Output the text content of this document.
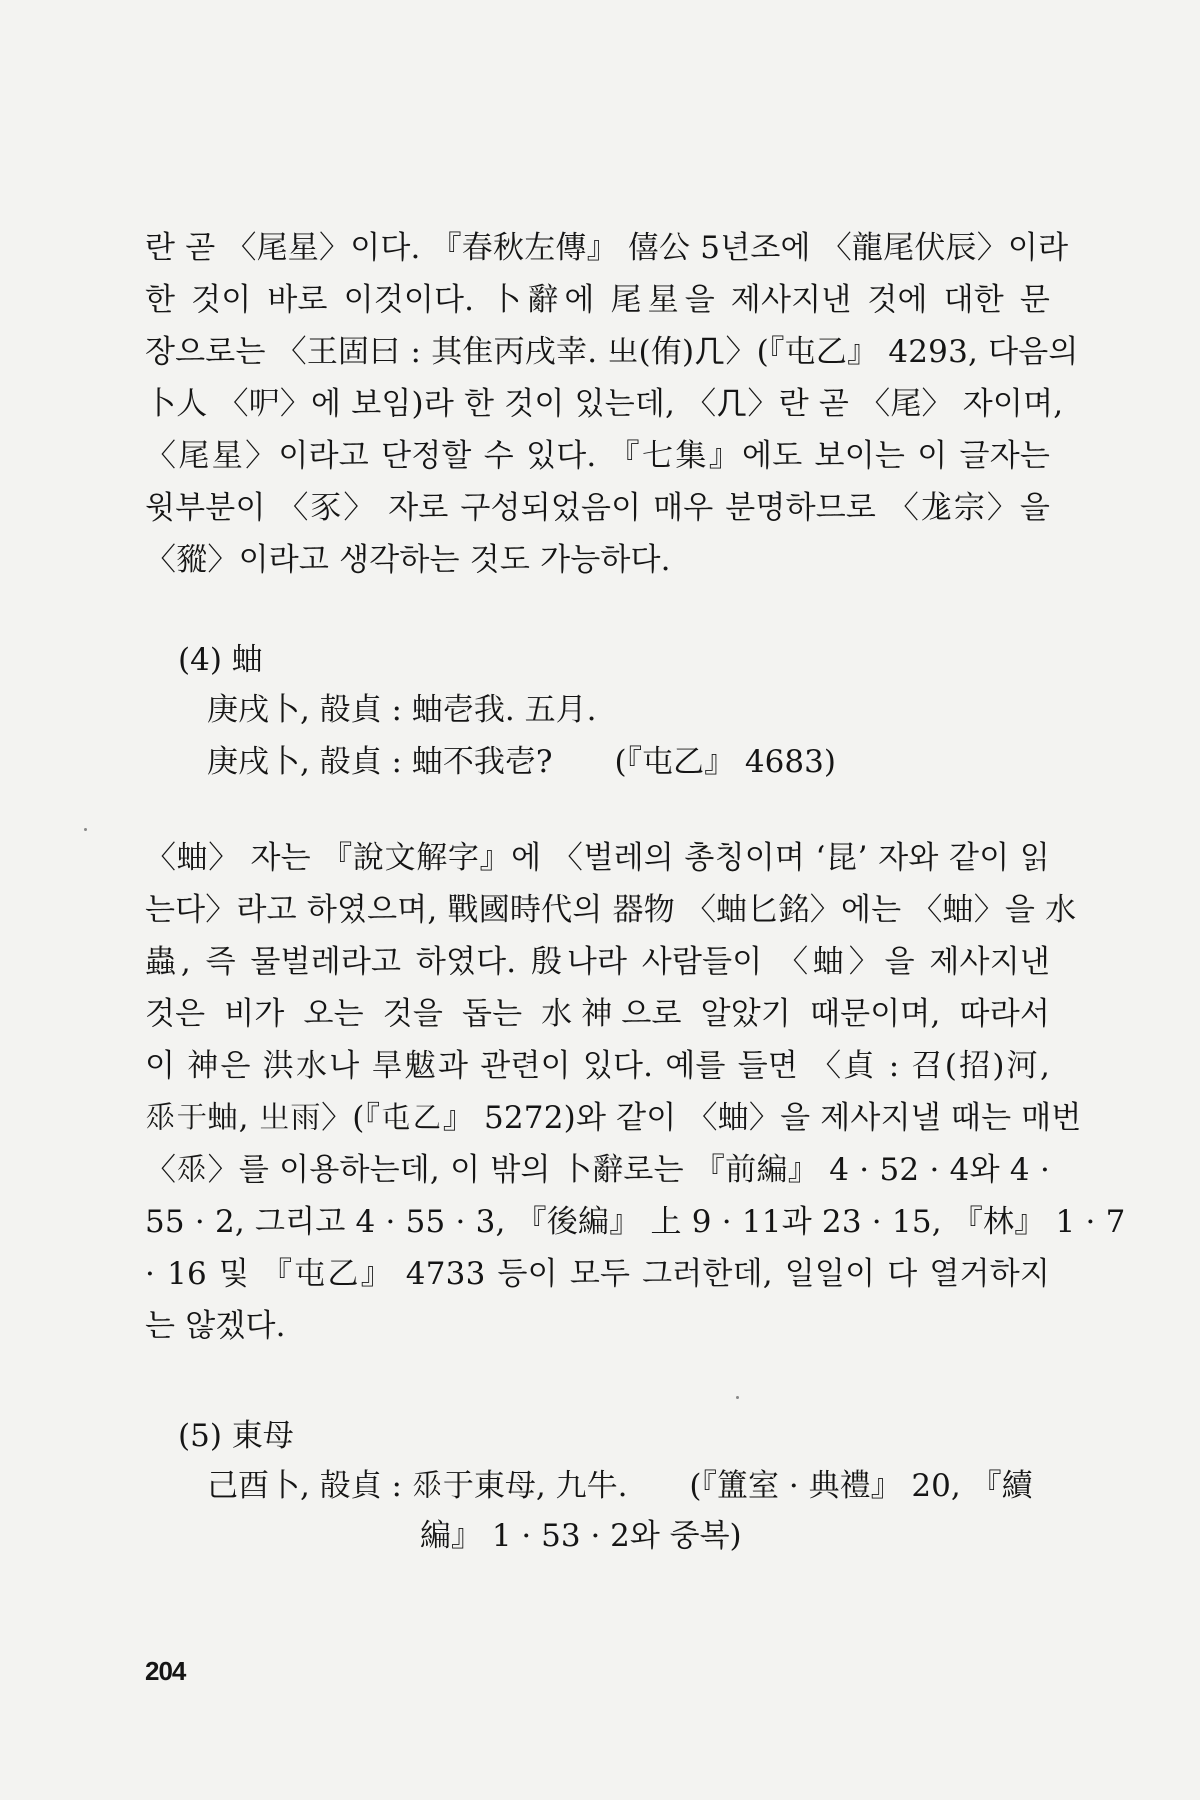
란 곧 〈尾星〉이다. 『春秋左傳』 僖公 5년조에 〈龍尾伏辰〉이라
한 것이 바로 이것이다. 卜辭에 尾星을 제사지낸 것에 대한 문
장으로는 〈王固曰 : 其隹丙戌幸. 㞢(侑)𠘧〉(『屯乙』 4293, 다음의
卜人 〈㕧〉에 보임)라 한 것이 있는데, 〈𠘧〉란 곧 〈尾〉 자이며,
〈尾星〉이라고 단정할 수 있다. 『七集』에도 보이는 이 글자는
윗부분이 〈豕〉 자로 구성되었음이 매우 분명하므로 〈尨宗〉을
〈豵〉이라고 생각하는 것도 가능하다.
(4) 蚰
庚戌卜, 㱿貞 : 蚰壱我. 五月.
庚戌卜, 㱿貞 : 蚰不我壱?　　(『屯乙』 4683)
〈蚰〉 자는 『說文解字』에 〈벌레의 총칭이며 ‘昆’ 자와 같이 읽
는다〉라고 하였으며, 戰國時代의 器物 〈蚰匕銘〉에는 〈蚰〉을 水
蟲, 즉 물벌레라고 하였다. 殷나라 사람들이 〈蚰〉을 제사지낸
것은 비가 오는 것을 돕는 水神으로 알았기 때문이며, 따라서
이 神은 洪水나 旱魃과 관련이 있다. 예를 들면 〈貞 : 召(招)河,
𠂹于蚰, 㞢雨〉(『屯乙』 5272)와 같이 〈蚰〉을 제사지낼 때는 매번
〈𠂹〉를 이용하는데, 이 밖의 卜辭로는 『前編』 4 · 52 · 4와 4 ·
55 · 2, 그리고 4 · 55 · 3, 『後編』 上 9 · 11과 23 · 15, 『林』 1 · 7
· 16 및 『屯乙』 4733 등이 모두 그러한데, 일일이 다 열거하지
는 않겠다.
(5) 東母
己酉卜, 㱿貞 : 𠂹于東母, 九牛.　　(『簠室 · 典禮』 20, 『續
編』 1 · 53 · 2와 중복)
204
